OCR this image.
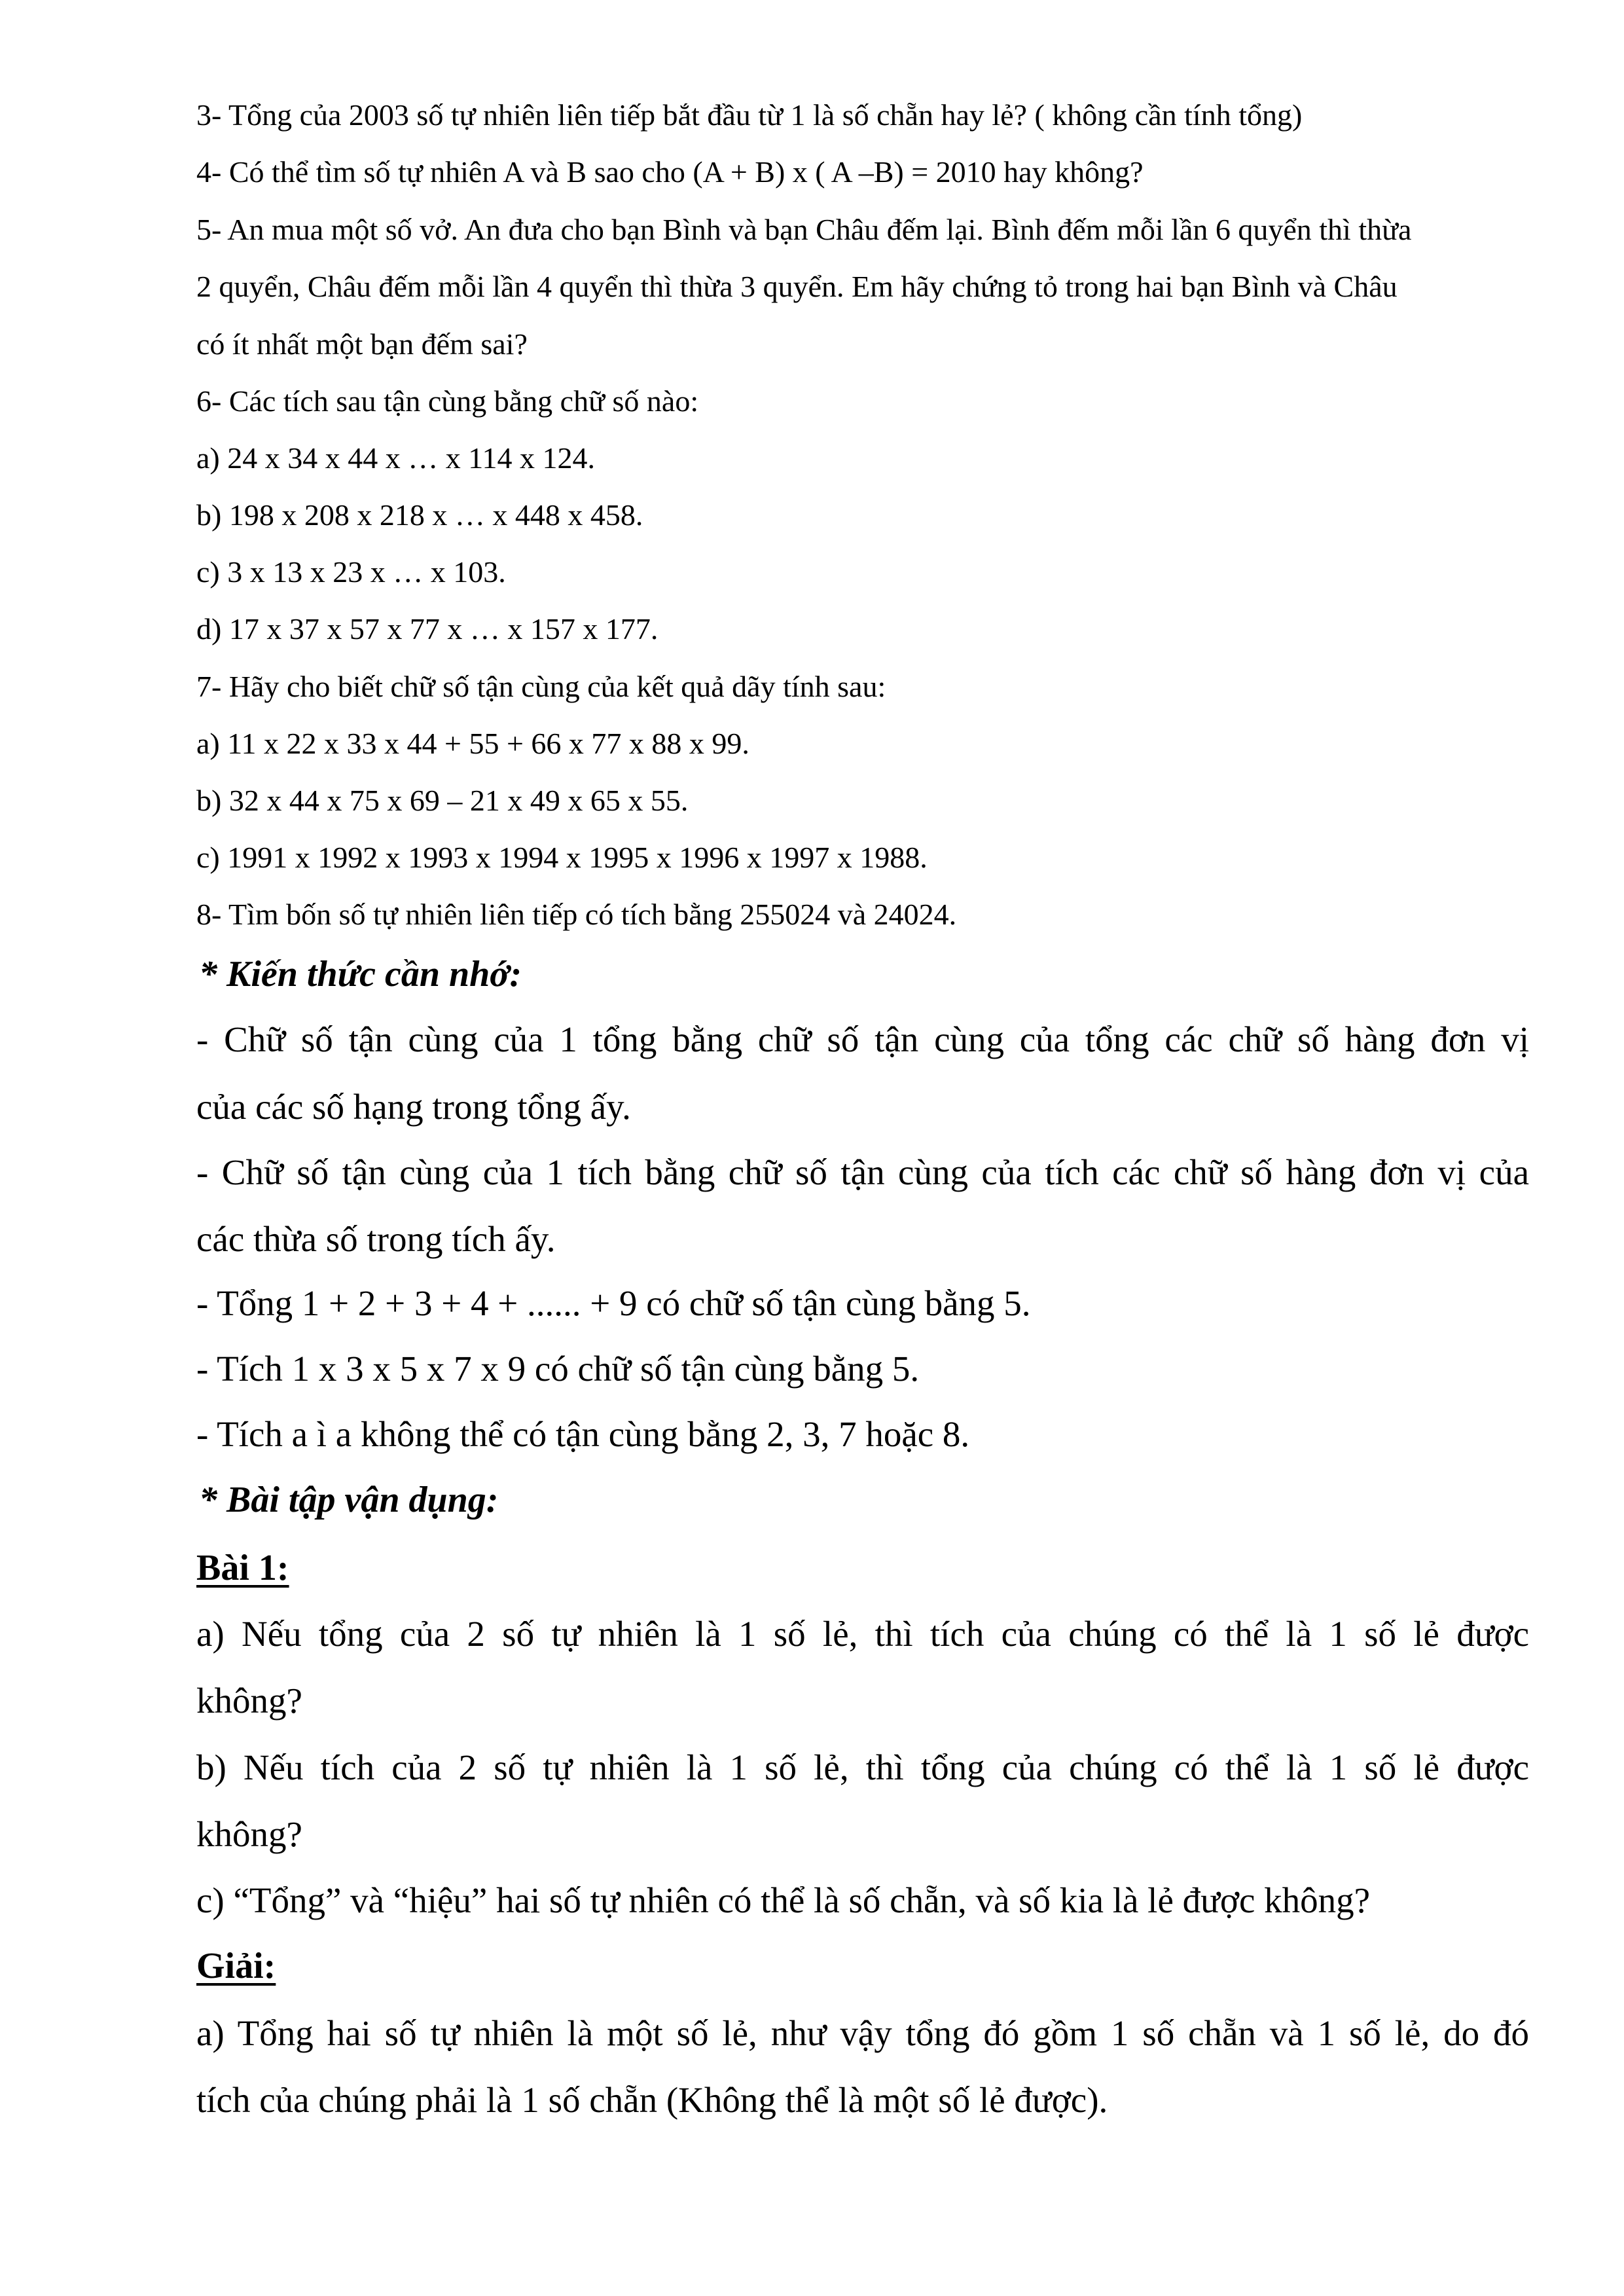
3- Tổng của 2003 số tự nhiên liên tiếp bắt đầu từ 1 là số chẵn hay lẻ? ( không cần tính tổng)
4- Có thể tìm số tự nhiên A và B sao cho (A + B) x ( A –B) = 2010 hay không?
5- An mua một số vở. An đưa cho bạn Bình và bạn Châu đếm lại. Bình đếm mỗi lần 6 quyển thì thừa
2 quyển, Châu đếm mỗi lần 4 quyển thì thừa 3 quyển. Em hãy chứng tỏ trong hai bạn Bình và Châu
có ít nhất một bạn đếm sai?
6- Các tích sau tận cùng bằng chữ số nào:
a) 24 x 34 x 44 x … x 114 x 124.
b) 198 x 208 x 218 x … x 448 x 458.
c) 3 x 13 x 23 x … x 103.
d) 17 x 37 x 57 x 77 x … x 157 x 177.
7- Hãy cho biết chữ số tận cùng của kết quả dãy tính sau:
a) 11 x 22 x 33 x 44 + 55 + 66 x 77 x 88 x 99.
b) 32 x 44 x 75 x 69 – 21 x 49 x 65 x 55.
c) 1991 x 1992 x 1993 x 1994 x 1995 x 1996 x 1997 x 1988.
8- Tìm bốn số tự nhiên liên tiếp có tích bằng 255024 và 24024.
* Kiến thức cần nhớ:
- Chữ số tận cùng của 1 tổng bằng chữ số tận cùng của tổng các chữ số hàng đơn vị
của các số hạng trong tổng ấy.
- Chữ số tận cùng của 1 tích bằng chữ số tận cùng của tích các chữ số hàng đơn vị của
các thừa số trong tích ấy.
- Tổng 1 + 2 + 3 + 4 + ...... + 9 có chữ số tận cùng bằng 5.
- Tích 1 x 3 x 5 x 7 x 9 có chữ số tận cùng bằng 5.
- Tích a ì a không thể có tận cùng bằng 2, 3, 7 hoặc 8.
* Bài tập vận dụng:
Bài 1:
a) Nếu tổng của 2 số tự nhiên là 1 số lẻ, thì tích của chúng có thể là 1 số lẻ được
không?
b) Nếu tích của 2 số tự nhiên là 1 số lẻ, thì tổng của chúng có thể là 1 số lẻ được
không?
c) “Tổng” và “hiệu” hai số tự nhiên có thể là số chẵn, và số kia là lẻ được không?
Giải:
a) Tổng hai số tự nhiên là một số lẻ, như vậy tổng đó gồm 1 số chẵn và 1 số lẻ, do đó
tích của chúng phải là 1 số chẵn (Không thể là một số lẻ được).
